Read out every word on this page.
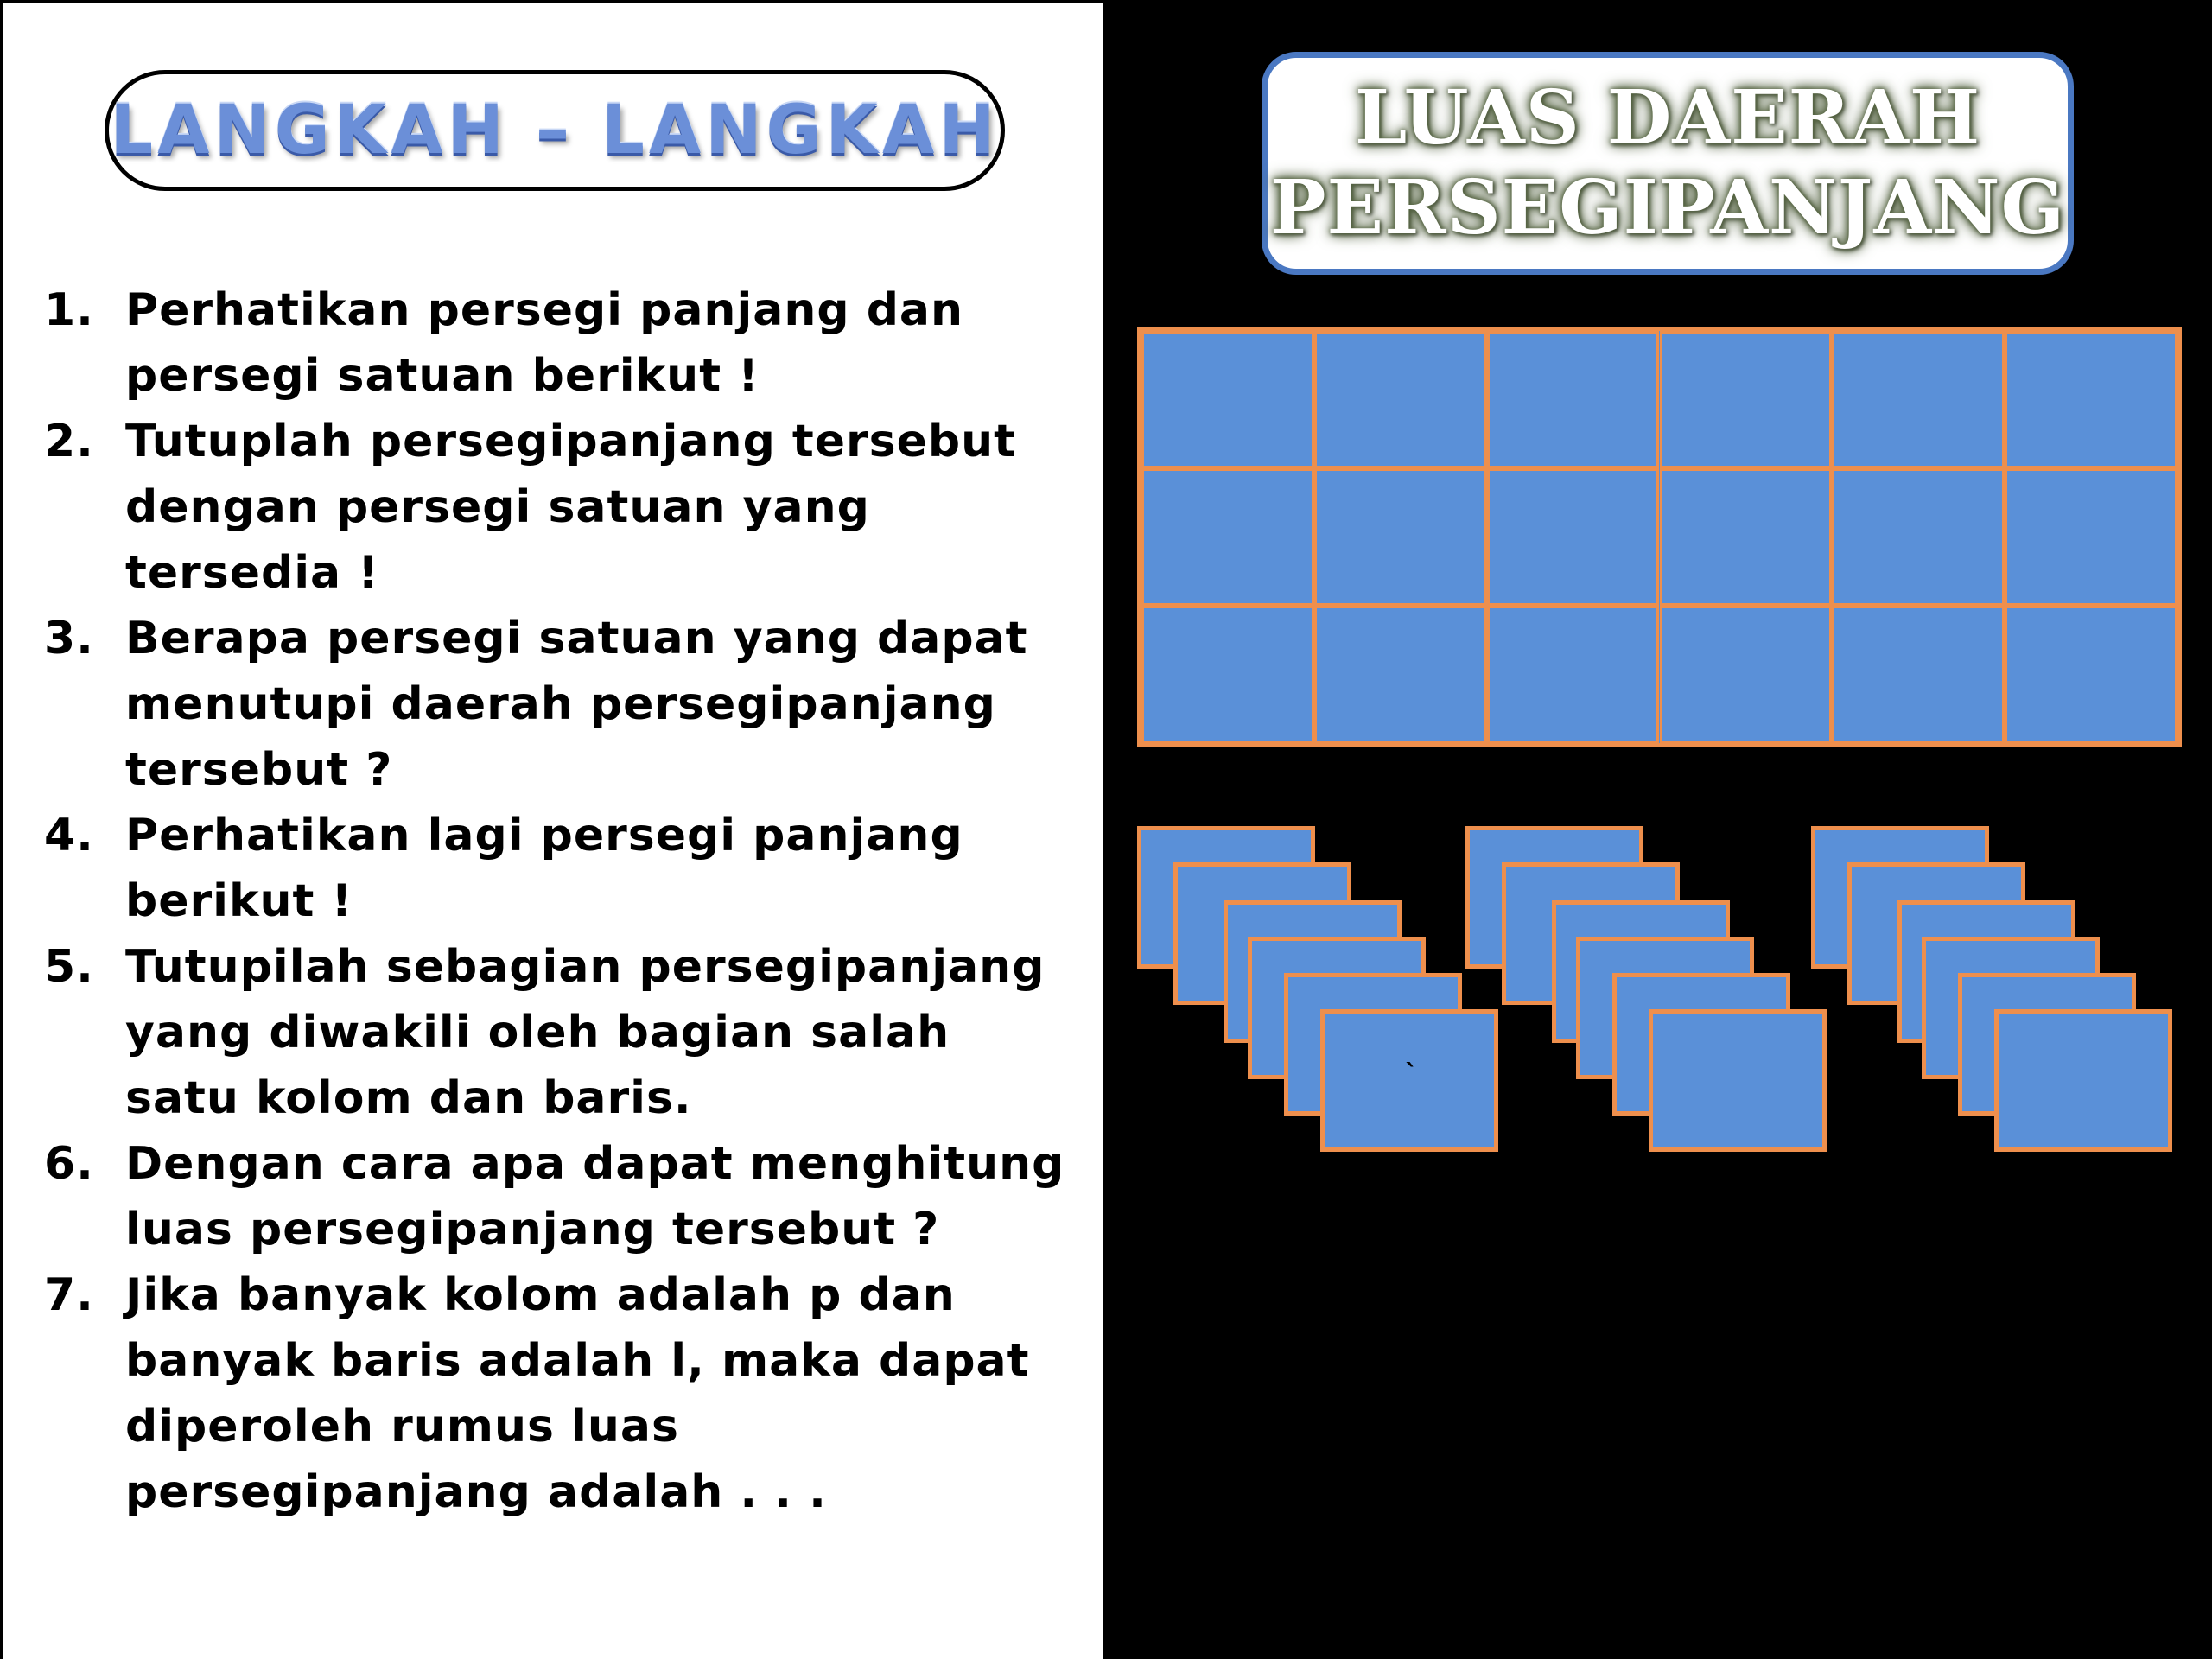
LANGKAH – LANGKAH
1. Perhatikan persegi panjang dan persegi satuan berikut !
2. Tutuplah persegipanjang tersebut dengan persegi satuan yang tersedia !
3. Berapa persegi satuan yang dapat menutupi daerah persegipanjang tersebut ?
4. Perhatikan lagi persegi panjang berikut !
5. Tutupilah sebagian persegipanjang yang diwakili oleh bagian salah satu kolom dan baris.
6. Dengan cara apa dapat menghitung luas persegipanjang tersebut ?
7. Jika banyak kolom adalah p dan banyak baris adalah l, maka dapat diperoleh rumus luas persegipanjang adalah . . .
LUAS DAERAH
PERSEGIPANJANG
`
